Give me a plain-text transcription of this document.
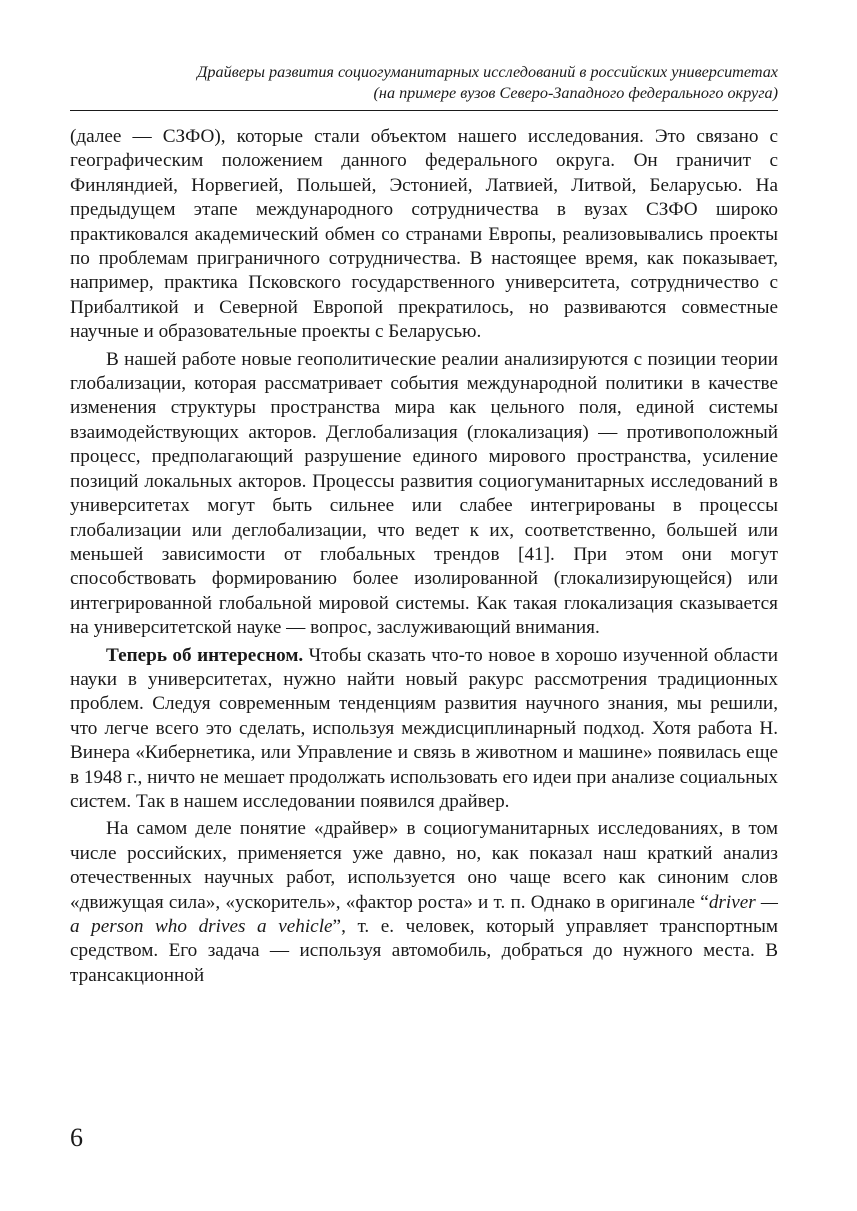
Драйверы развития социогуманитарных исследований в российских университетах
(на примере вузов Северо-Западного федерального округа)

(далее — СЗФО), которые стали объектом нашего исследования. Это связано с географическим положением данного федерального округа. Он граничит с Финляндией, Норвегией, Польшей, Эстонией, Латвией, Литвой, Беларусью. На предыдущем этапе международного сотрудничества в вузах СЗФО широко практиковался академический обмен со странами Европы, реализовывались проекты по проблемам приграничного сотрудничества. В настоящее время, как показывает, например, практика Псковского государственного университета, сотрудничество с Прибалтикой и Северной Европой прекратилось, но развиваются совместные научные и образовательные проекты с Беларусью.

В нашей работе новые геополитические реалии анализируются с позиции теории глобализации, которая рассматривает события международной политики в качестве изменения структуры пространства мира как цельного поля, единой системы взаимодействующих акторов. Деглобализация (глокализация) — противоположный процесс, предполагающий разрушение единого мирового пространства, усиление позиций локальных акторов. Процессы развития социогуманитарных исследований в университетах могут быть сильнее или слабее интегрированы в процессы глобализации или деглобализации, что ведет к их, соответственно, большей или меньшей зависимости от глобальных трендов [41]. При этом они могут способствовать формированию более изолированной (глокализирующейся) или интегрированной глобальной мировой системы. Как такая глокализация сказывается на университетской науке — вопрос, заслуживающий внимания.

Теперь об интересном. Чтобы сказать что-то новое в хорошо изученной области науки в университетах, нужно найти новый ракурс рассмотрения традиционных проблем. Следуя современным тенденциям развития научного знания, мы решили, что легче всего это сделать, используя междисциплинарный подход. Хотя работа Н. Винера «Кибернетика, или Управление и связь в животном и машине» появилась еще в 1948 г., ничто не мешает продолжать использовать его идеи при анализе социальных систем. Так в нашем исследовании появился драйвер.

На самом деле понятие «драйвер» в социогуманитарных исследованиях, в том числе российских, применяется уже давно, но, как показал наш краткий анализ отечественных научных работ, используется оно чаще всего как синоним слов «движущая сила», «ускоритель», «фактор роста» и т. п. Однако в оригинале “driver — a person who drives a vehicle”, т. е. человек, который управляет транспортным средством. Его задача — используя автомобиль, добраться до нужного места. В трансакционной

6
